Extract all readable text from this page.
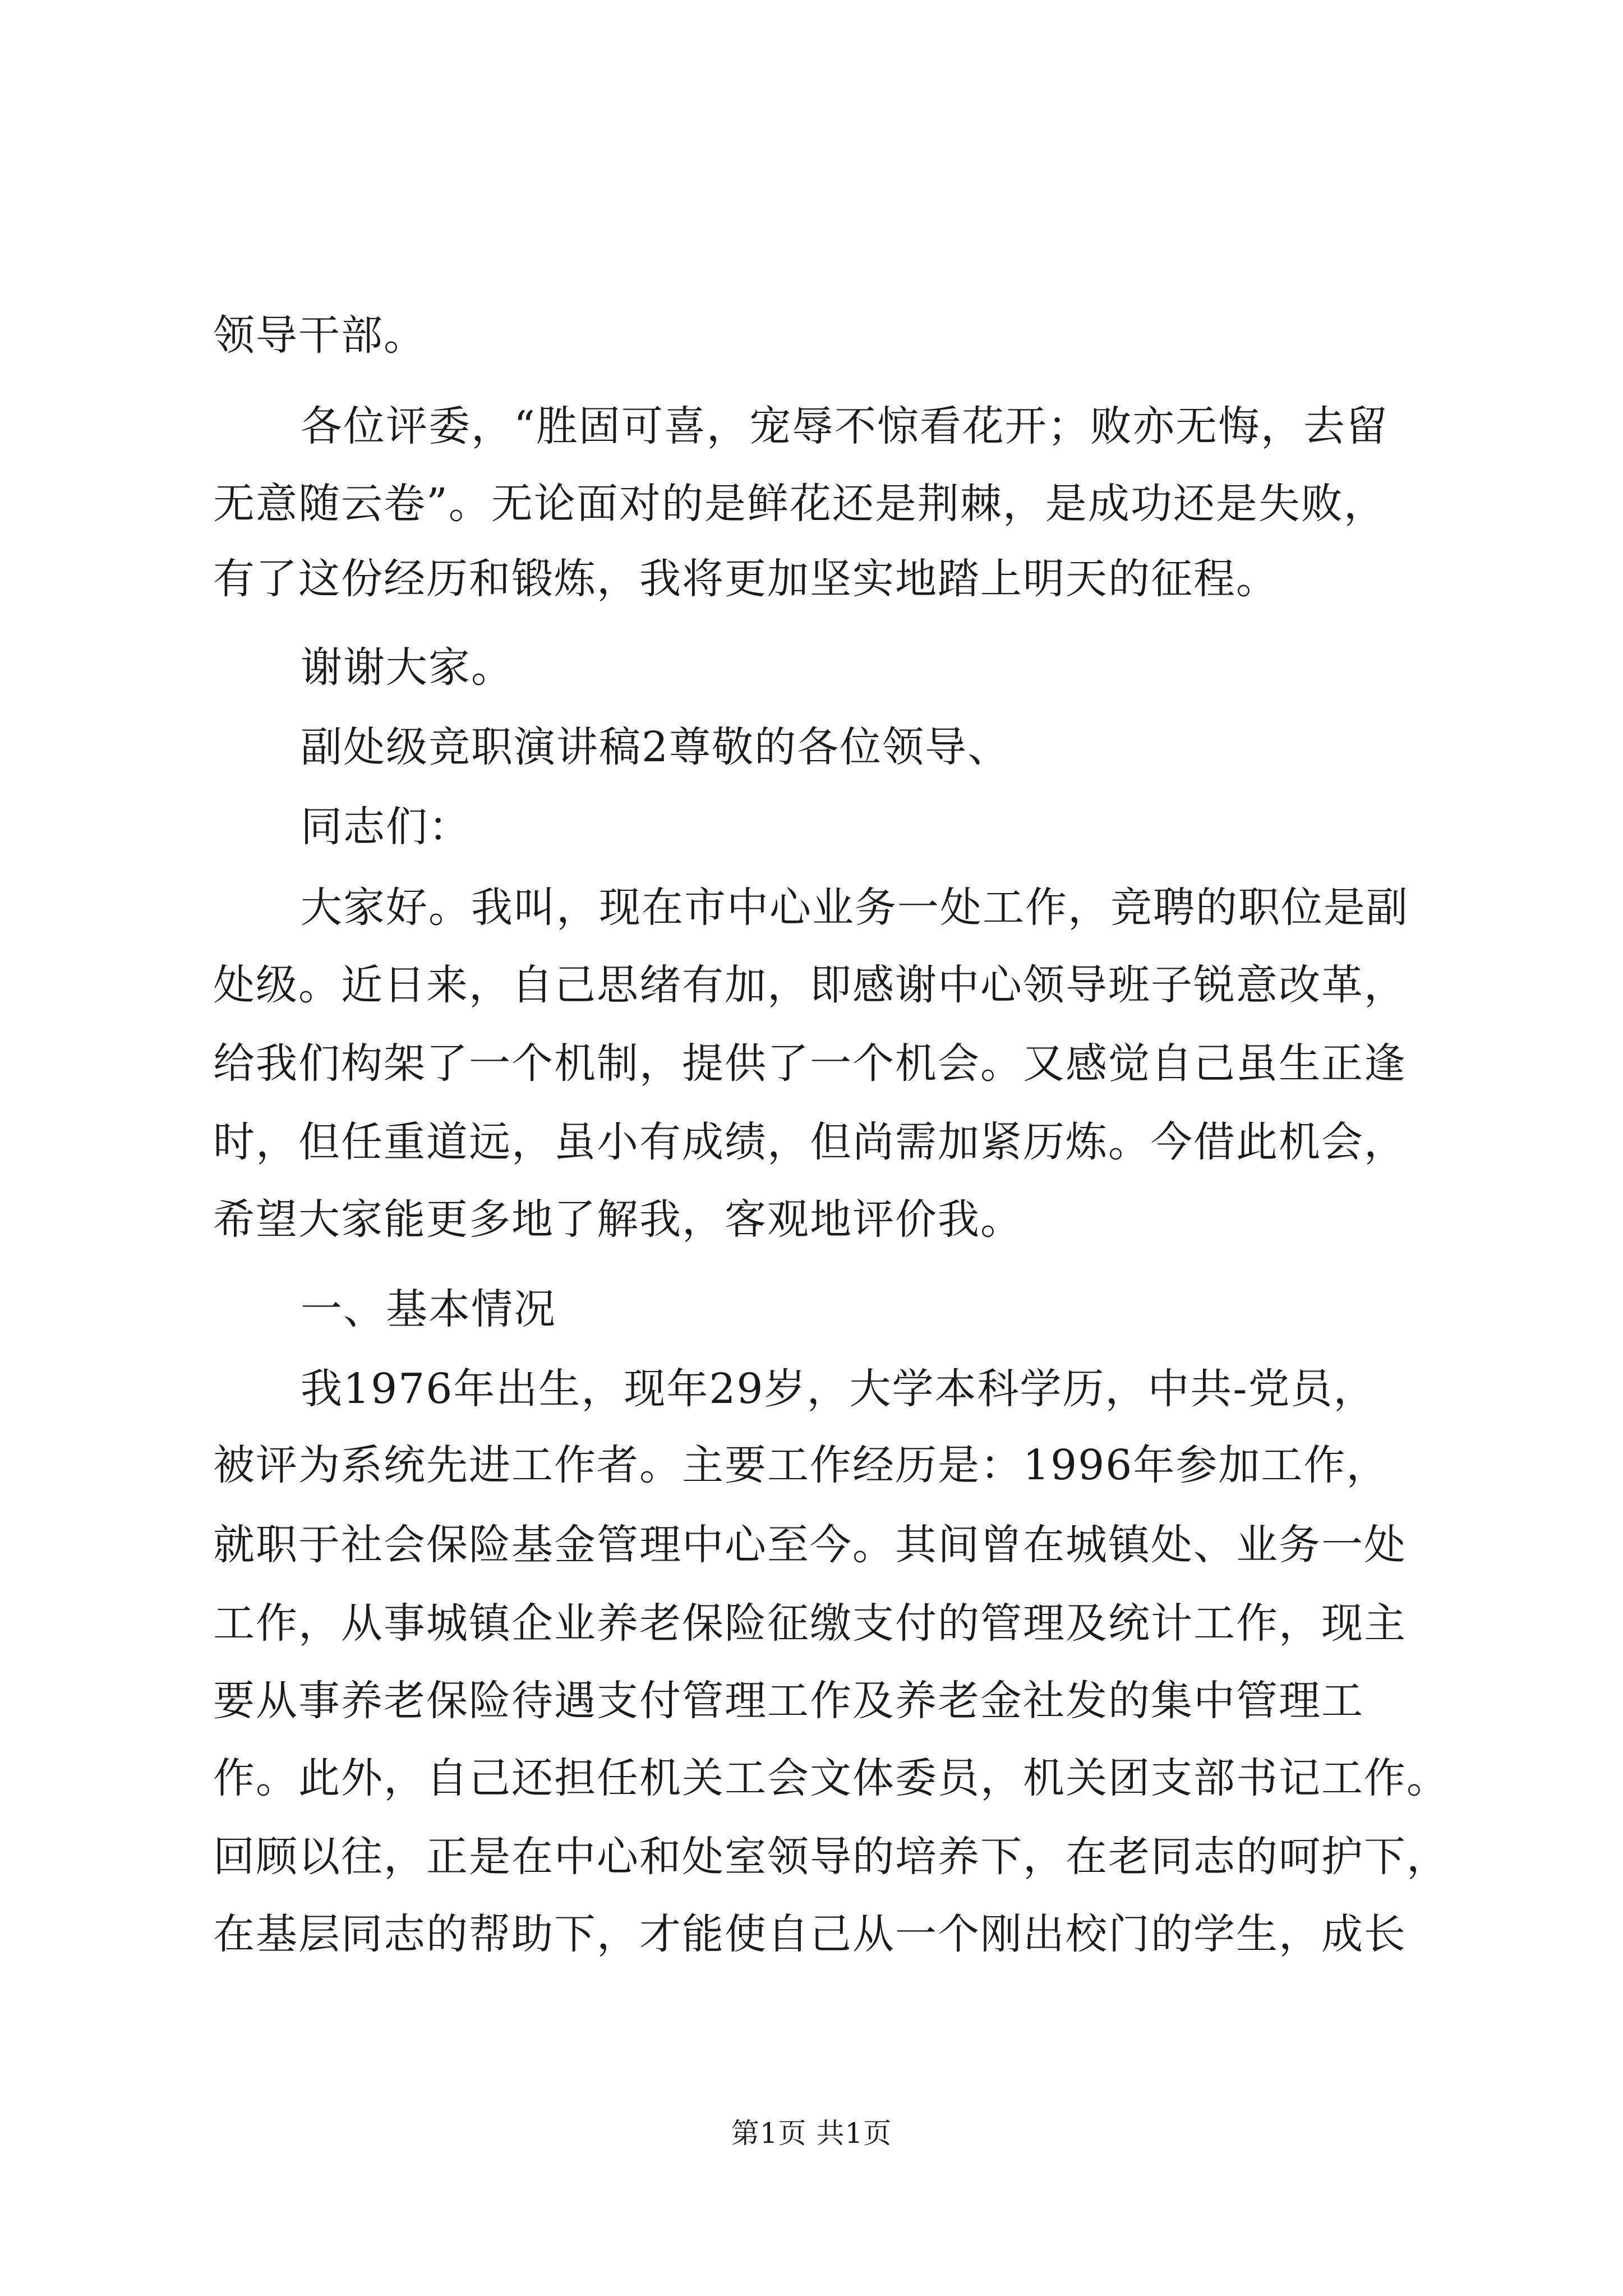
领导干部。
各位评委，“胜固可喜，宠辱不惊看花开；败亦无悔，去留
无意随云卷”。无论面对的是鲜花还是荆棘，是成功还是失败，
有了这份经历和锻炼，我将更加坚实地踏上明天的征程。
谢谢大家。
副处级竞职演讲稿2尊敬的各位领导、
同志们：
大家好。我叫，现在市中心业务一处工作，竞聘的职位是副
处级。近日来，自己思绪有加，即感谢中心领导班子锐意改革，
给我们构架了一个机制，提供了一个机会。又感觉自己虽生正逢
时，但任重道远，虽小有成绩，但尚需加紧历炼。今借此机会，
希望大家能更多地了解我，客观地评价我。
一、基本情况
我1976年出生，现年29岁，大学本科学历，中共-党员，
被评为系统先进工作者。主要工作经历是：1996年参加工作，
就职于社会保险基金管理中心至今。其间曾在城镇处、业务一处
工作，从事城镇企业养老保险征缴支付的管理及统计工作，现主
要从事养老保险待遇支付管理工作及养老金社发的集中管理工
作。此外，自己还担任机关工会文体委员，机关团支部书记工作。
回顾以往，正是在中心和处室领导的培养下，在老同志的呵护下，
在基层同志的帮助下，才能使自己从一个刚出校门的学生，成长
第1页 共1页
